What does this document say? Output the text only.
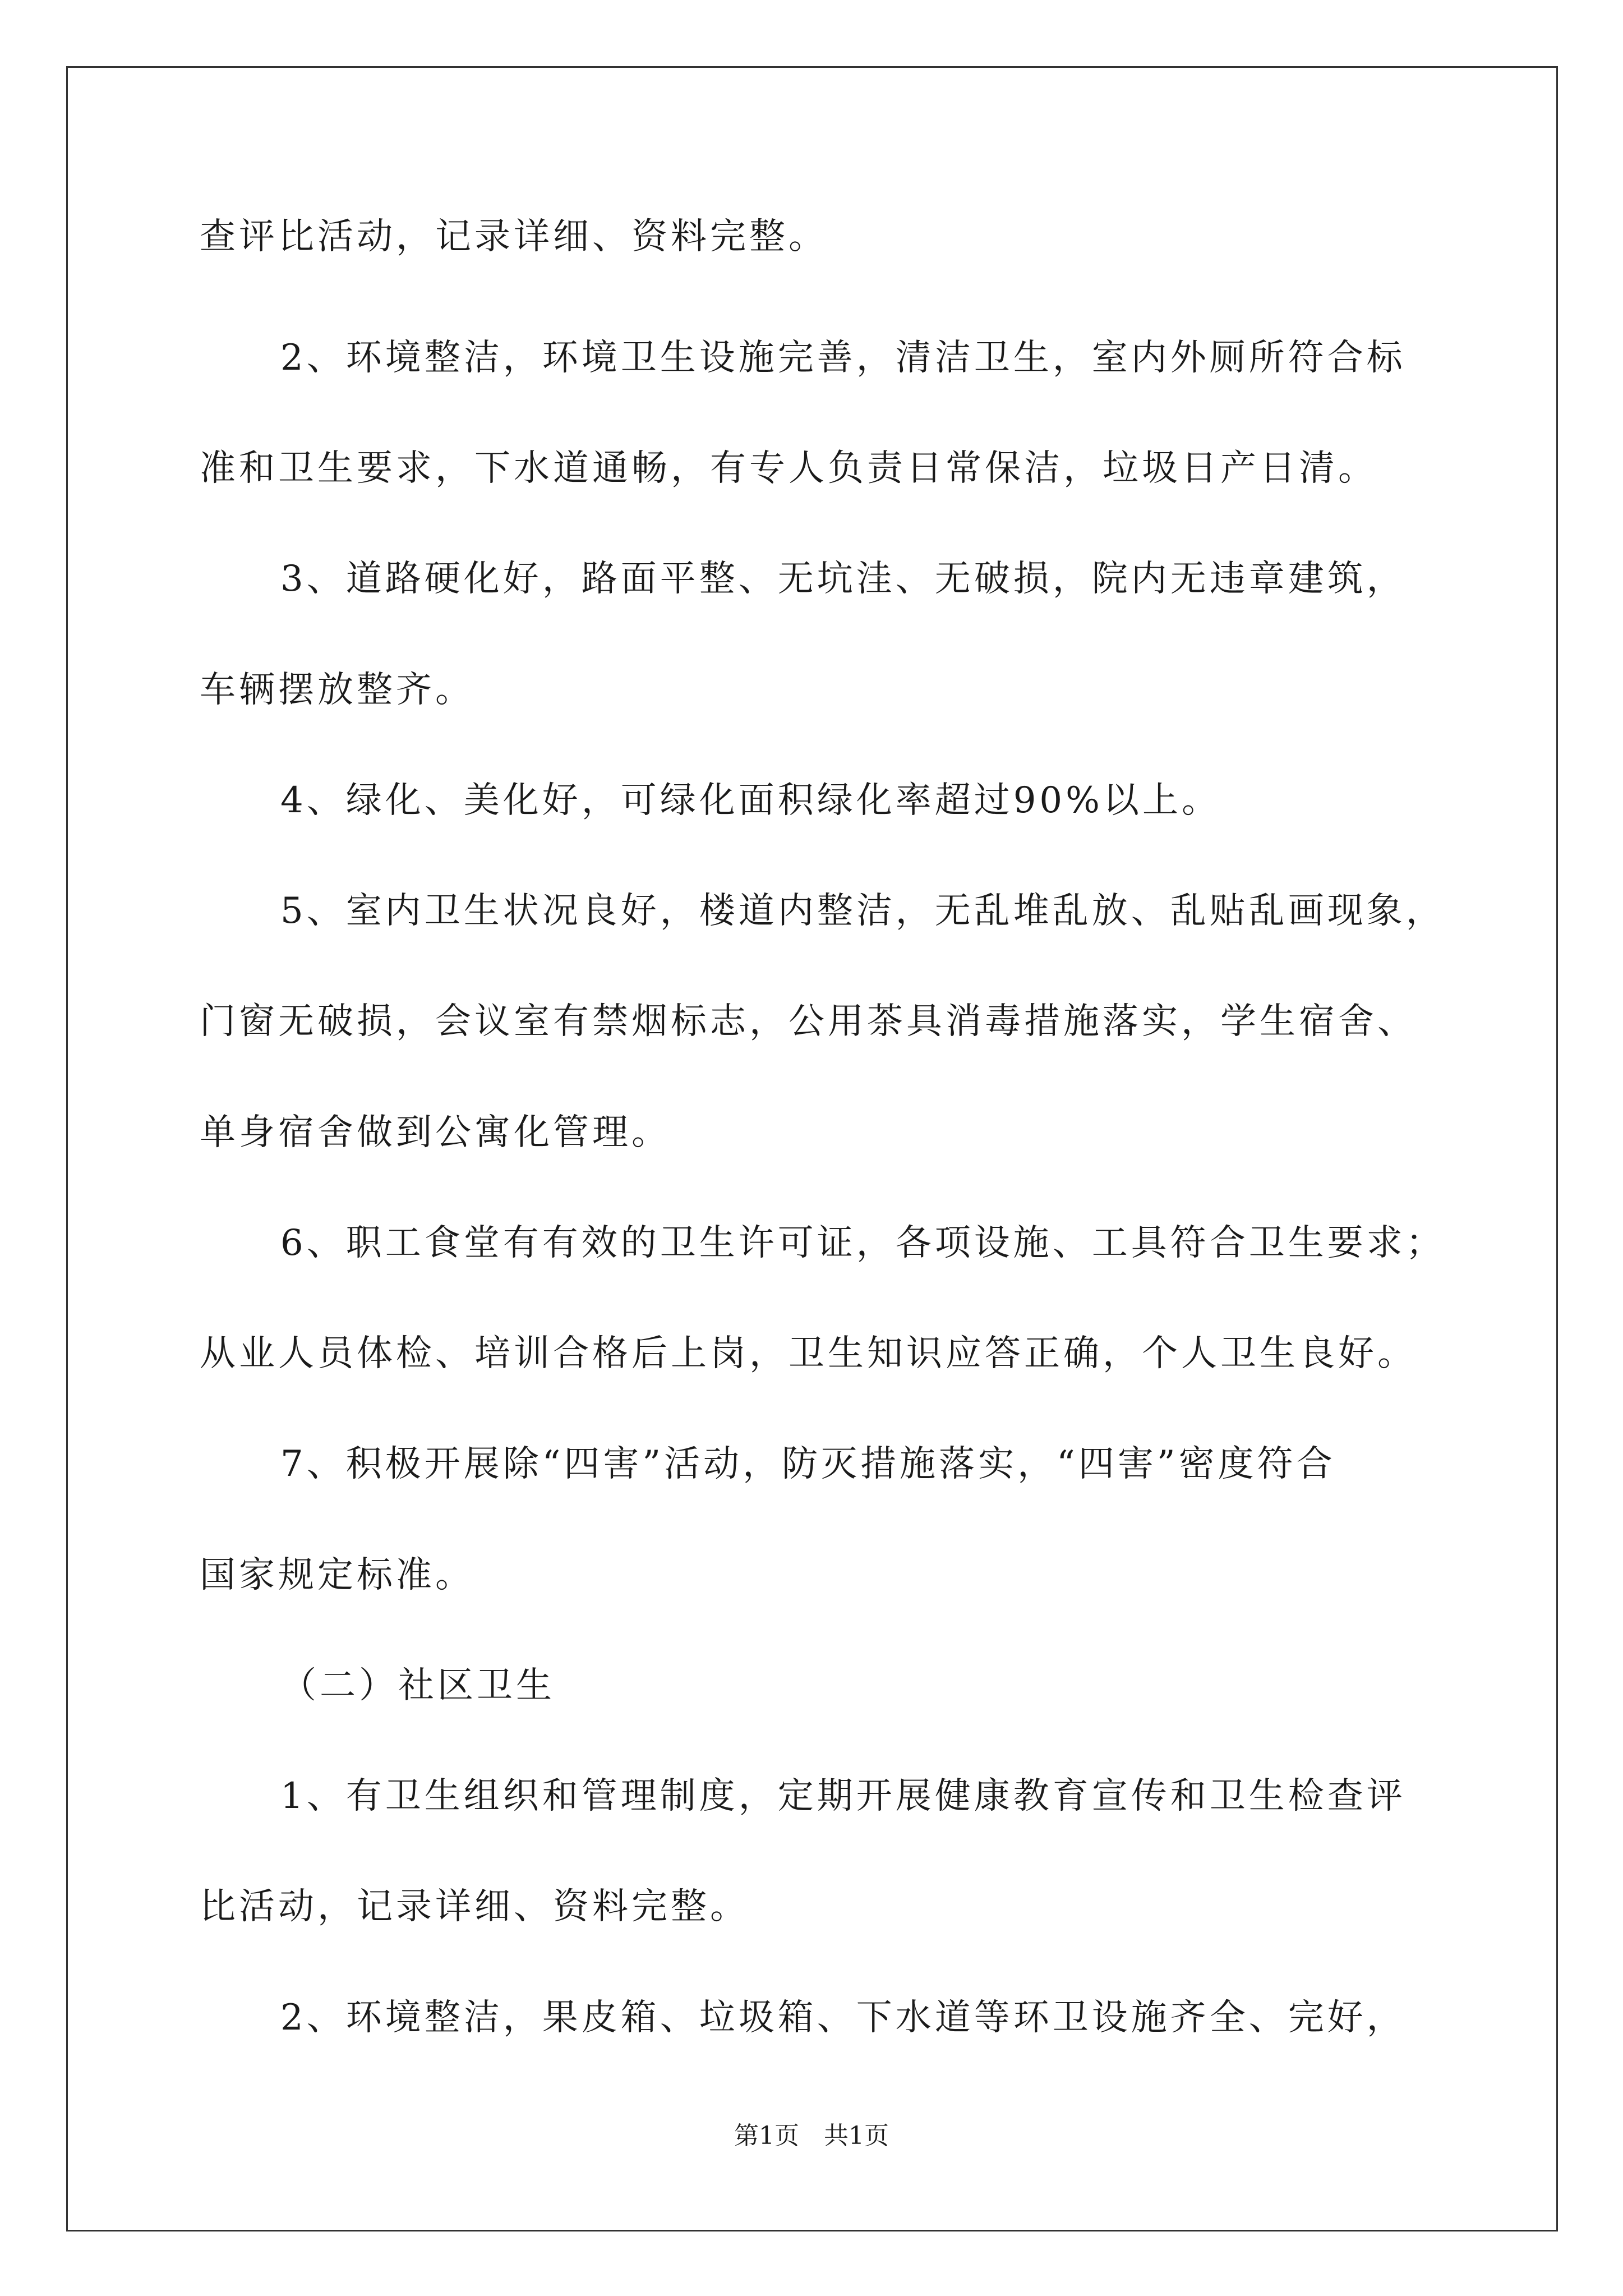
查评比活动，记录详细、资料完整。
2、环境整洁，环境卫生设施完善，清洁卫生，室内外厕所符合标
准和卫生要求，下水道通畅，有专人负责日常保洁，垃圾日产日清。
3、道路硬化好，路面平整、无坑洼、无破损，院内无违章建筑，
车辆摆放整齐。
4、绿化、美化好，可绿化面积绿化率超过90%以上。
5、室内卫生状况良好，楼道内整洁，无乱堆乱放、乱贴乱画现象，
门窗无破损，会议室有禁烟标志，公用茶具消毒措施落实，学生宿舍、
单身宿舍做到公寓化管理。
6、职工食堂有有效的卫生许可证，各项设施、工具符合卫生要求；
从业人员体检、培训合格后上岗，卫生知识应答正确，个人卫生良好。
7、积极开展除“四害”活动，防灭措施落实，“四害”密度符合
国家规定标准。
（二）社区卫生
1、有卫生组织和管理制度，定期开展健康教育宣传和卫生检查评
比活动，记录详细、资料完整。
2、环境整洁，果皮箱、垃圾箱、下水道等环卫设施齐全、完好，
第1页　共1页
